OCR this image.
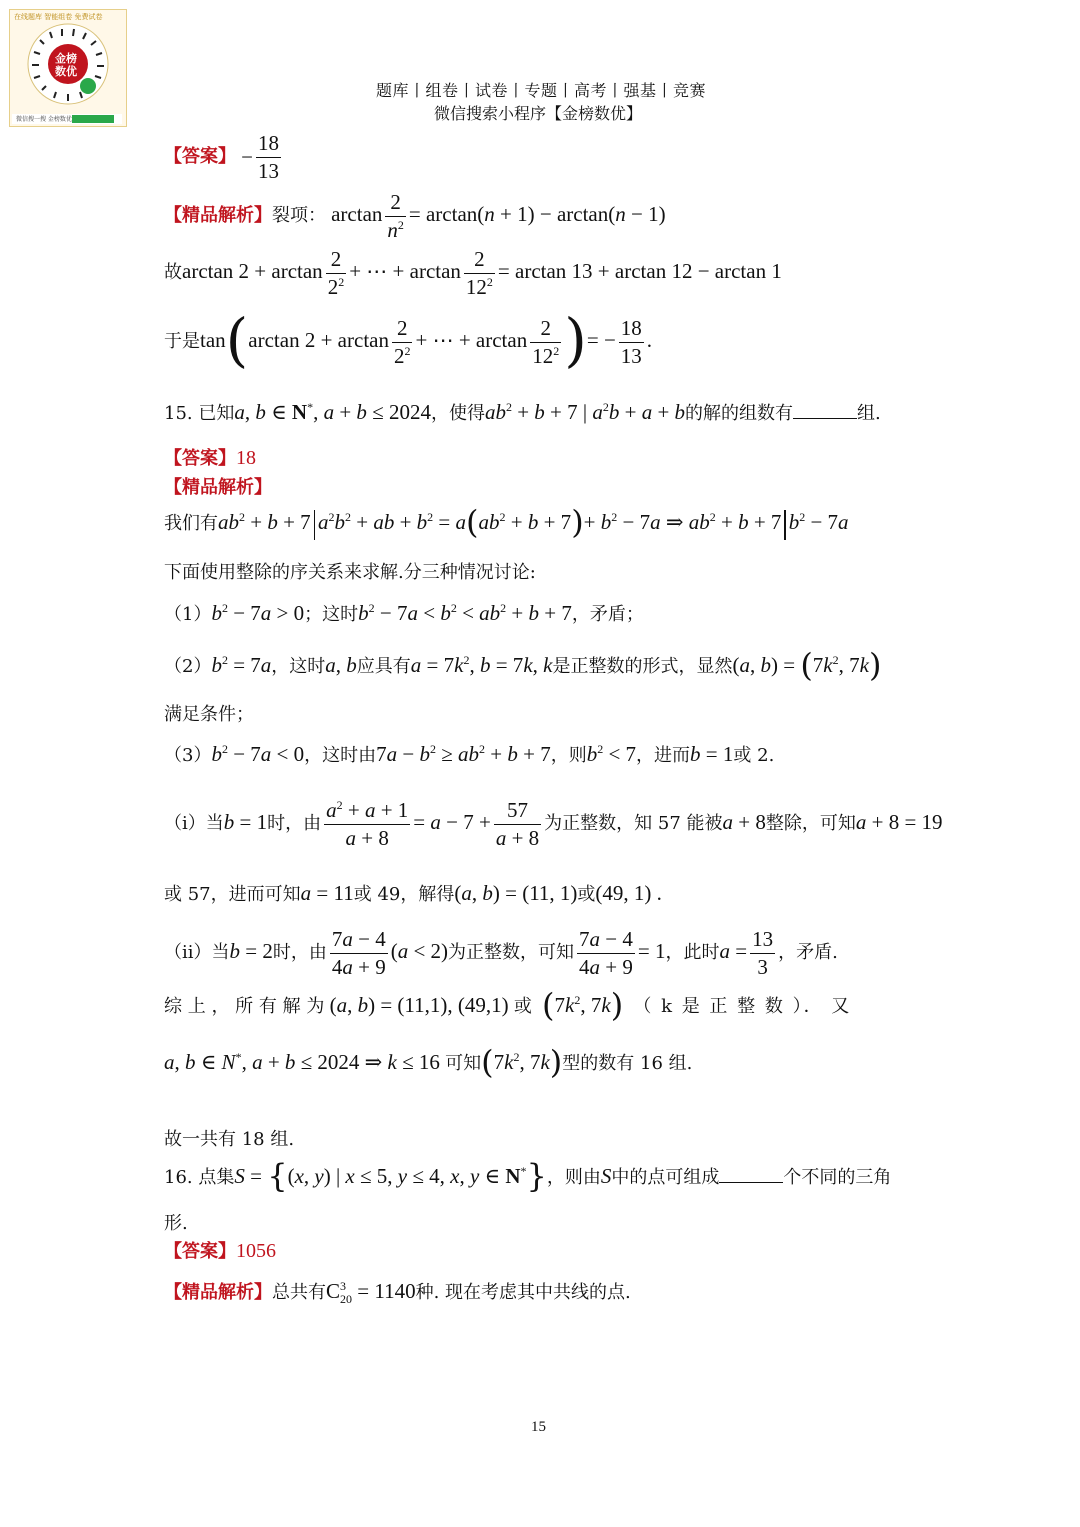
金榜
数优
在线题库 智能组卷 免费试卷
微信搜一搜 金榜数优
题库丨组卷丨试卷丨专题丨高考丨强基丨竞赛
微信搜索小程序【金榜数优】
【答案】 − $\frac{18}{13}$
【精品解析】裂项： $\arctan \frac{2}{n^2} = \arctan(n + 1) - \arctan(n - 1)$
故$\arctan 2 + \arctan \frac{2}{2^2}$ + ⋯ + $\arctan \frac{2}{12^2} = \arctan 13 + \arctan 12 - \arctan 1$
于是tan(arctan $2 + \arctan \frac{2}{2^2}$ + ⋯ + $\arctan \frac{2}{12^2}$ )= − $\frac{18}{13}$ .
15. 已知a, b ∈ N*, a + b ≤ 2024，使得$ab^2 + b + 7$ | $a^2b + a + b$的解的组数有	组.
【答案】18
【精品解析】
我们有$ab^2 + b + 7$ $a^2b^2$ + ab + $b^2 = a(ab^2 + b + 7)+ b^2 - 7a$ ⇒ $ab^2 + b + 7$ $b^2 - 7a$
下面使用整除的序关系来求解.分三种情况讨论:
$(1)b^2 - 7a > 0$；这时$b^2 - 7a < b^2 < ab^2 + b + 7$，矛盾；
$(2)b^2 = 7a$，这时a, b应具有$a = 7k^2$, b = 7k, k是正整数的形式，显然(a, $b) = (7k^2$, 7k)
满足条件；
$(3)b^2 - 7a < 0$，这时由$7a - b^2 \ge ab^2 + b + 7$，则$b^2 < 7$，进而b = 1或 2.
（i）当b = 1时，由 $\frac{a^2 + a + 1}{a + 8} = a - 7 + \frac{57}{a + 8}$ 为正整数，知 57 能被a + 8整除，可知a + 8 = 19
或 57，进而可知a = 11或 49，解得(a, b) = (11, 1)或(49, 1) .
（ii）当b = 2时，由 $\frac{7a - 4}{4a + 9} (a < 2)$为正整数，可知 $\frac{7a - 4}{4a + 9} = 1$，此时$a = \frac{13}{3}$ ，矛盾.
综 上 ， 所 有 解 为 (a, b) = (11,1), (49,1) 或 ($7k^2$, 7k) （ k 是 正 整 数 ）． 又
a, b ∈ N*, a + b ≤ 2024 ⇒ k ≤ 16 可知($7k^2$, 7k)型的数有 16 组.
故一共有 18 组.
16. 点集S = {(x, y) | x ≤ 5, y ≤ 4, x, y ∈ N*}，则由S中的点可组成	个不同的三角
形.
【答案】1056
【精品解析】总共有$C^3_{20} = 1140$种. 现在考虑其中共线的点.
15
